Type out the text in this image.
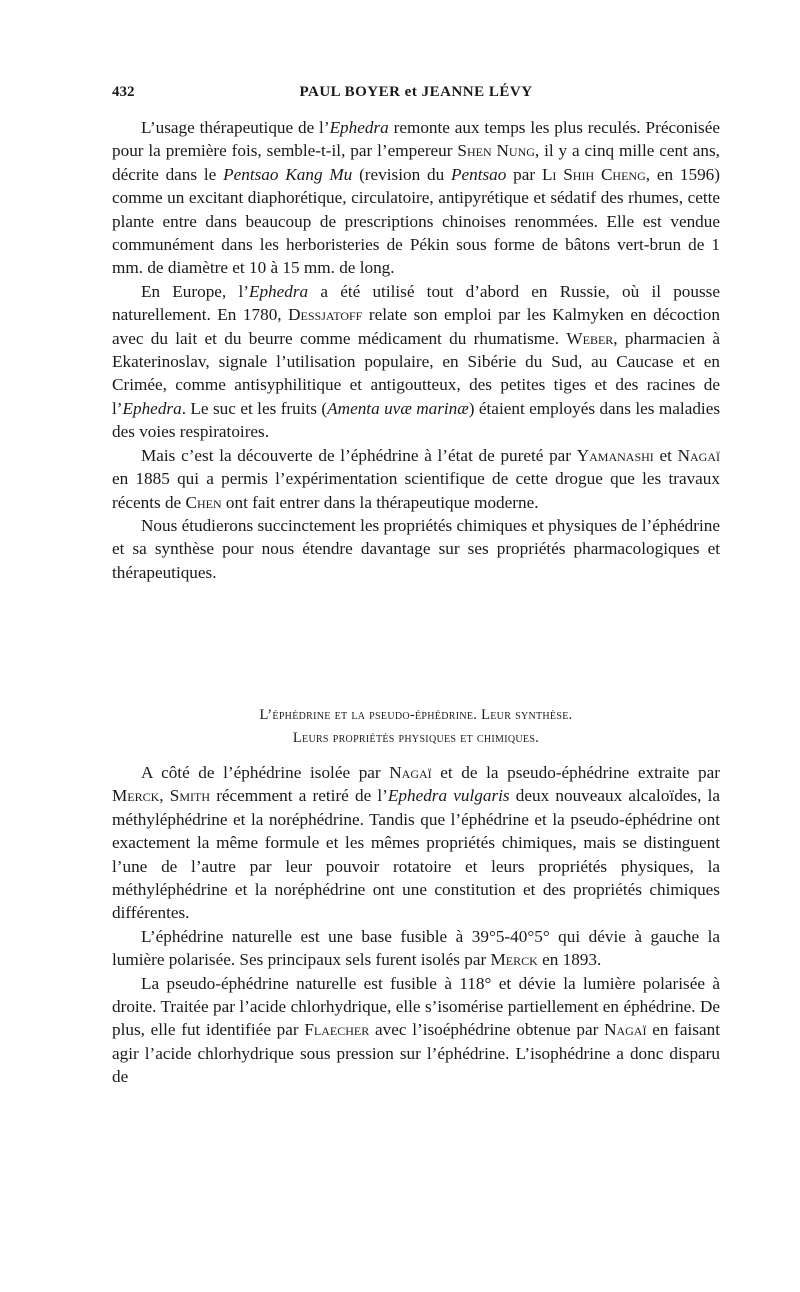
432	PAUL BOYER et JEANNE LÉVY

L’usage thérapeutique de l’Ephedra remonte aux temps les plus reculés. Préconisée pour la première fois, semble-t-il, par l’empereur Shen Nung, il y a cinq mille cent ans, décrite dans le Pentsao Kang Mu (revision du Pentsao par Li Shih Cheng, en 1596) comme un excitant diaphorétique, circulatoire, antipyrétique et sédatif des rhumes, cette plante entre dans beaucoup de prescriptions chinoises renommées. Elle est vendue communément dans les herboristeries de Pékin sous forme de bâtons vert-brun de 1 mm. de diamètre et 10 à 15 mm. de long.

En Europe, l’Ephedra a été utilisé tout d’abord en Russie, où il pousse naturellement. En 1780, Dessjatoff relate son emploi par les Kalmyken en décoction avec du lait et du beurre comme médicament du rhumatisme. Weber, pharmacien à Ekaterinoslav, signale l’utilisation populaire, en Sibérie du Sud, au Caucase et en Crimée, comme antisyphilitique et antigoutteux, des petites tiges et des racines de l’Ephedra. Le suc et les fruits (Amenta uvæ marinæ) étaient employés dans les maladies des voies respiratoires.

Mais c’est la découverte de l’éphédrine à l’état de pureté par Yamanashi et Nagaï en 1885 qui a permis l’expérimentation scientifique de cette drogue que les travaux récents de Chen ont fait entrer dans la thérapeutique moderne.

Nous étudierons succinctement les propriétés chimiques et physiques de l’éphédrine et sa synthèse pour nous étendre davantage sur ses propriétés pharmacologiques et thérapeutiques.

L’éphédrine et la pseudo-éphédrine. Leur synthèse.
Leurs propriétés physiques et chimiques.

A côté de l’éphédrine isolée par Nagaï et de la pseudo-éphédrine extraite par Merck, Smith récemment a retiré de l’Ephedra vulgaris deux nouveaux alcaloïdes, la méthyléphédrine et la noréphédrine. Tandis que l’éphédrine et la pseudo-éphédrine ont exactement la même formule et les mêmes propriétés chimiques, mais se distinguent l’une de l’autre par leur pouvoir rotatoire et leurs propriétés physiques, la méthyléphédrine et la noréphédrine ont une constitution et des propriétés chimiques différentes.

L’éphédrine naturelle est une base fusible à 39°5-40°5° qui dévie à gauche la lumière polarisée. Ses principaux sels furent isolés par Merck en 1893.

La pseudo-éphédrine naturelle est fusible à 118° et dévie la lumière polarisée à droite. Traitée par l’acide chlorhydrique, elle s’isomérise partiellement en éphédrine. De plus, elle fut identifiée par Flaecher avec l’isoéphédrine obtenue par Nagaï en faisant agir l’acide chlorhydrique sous pression sur l’éphédrine. L’isophédrine a donc disparu de
